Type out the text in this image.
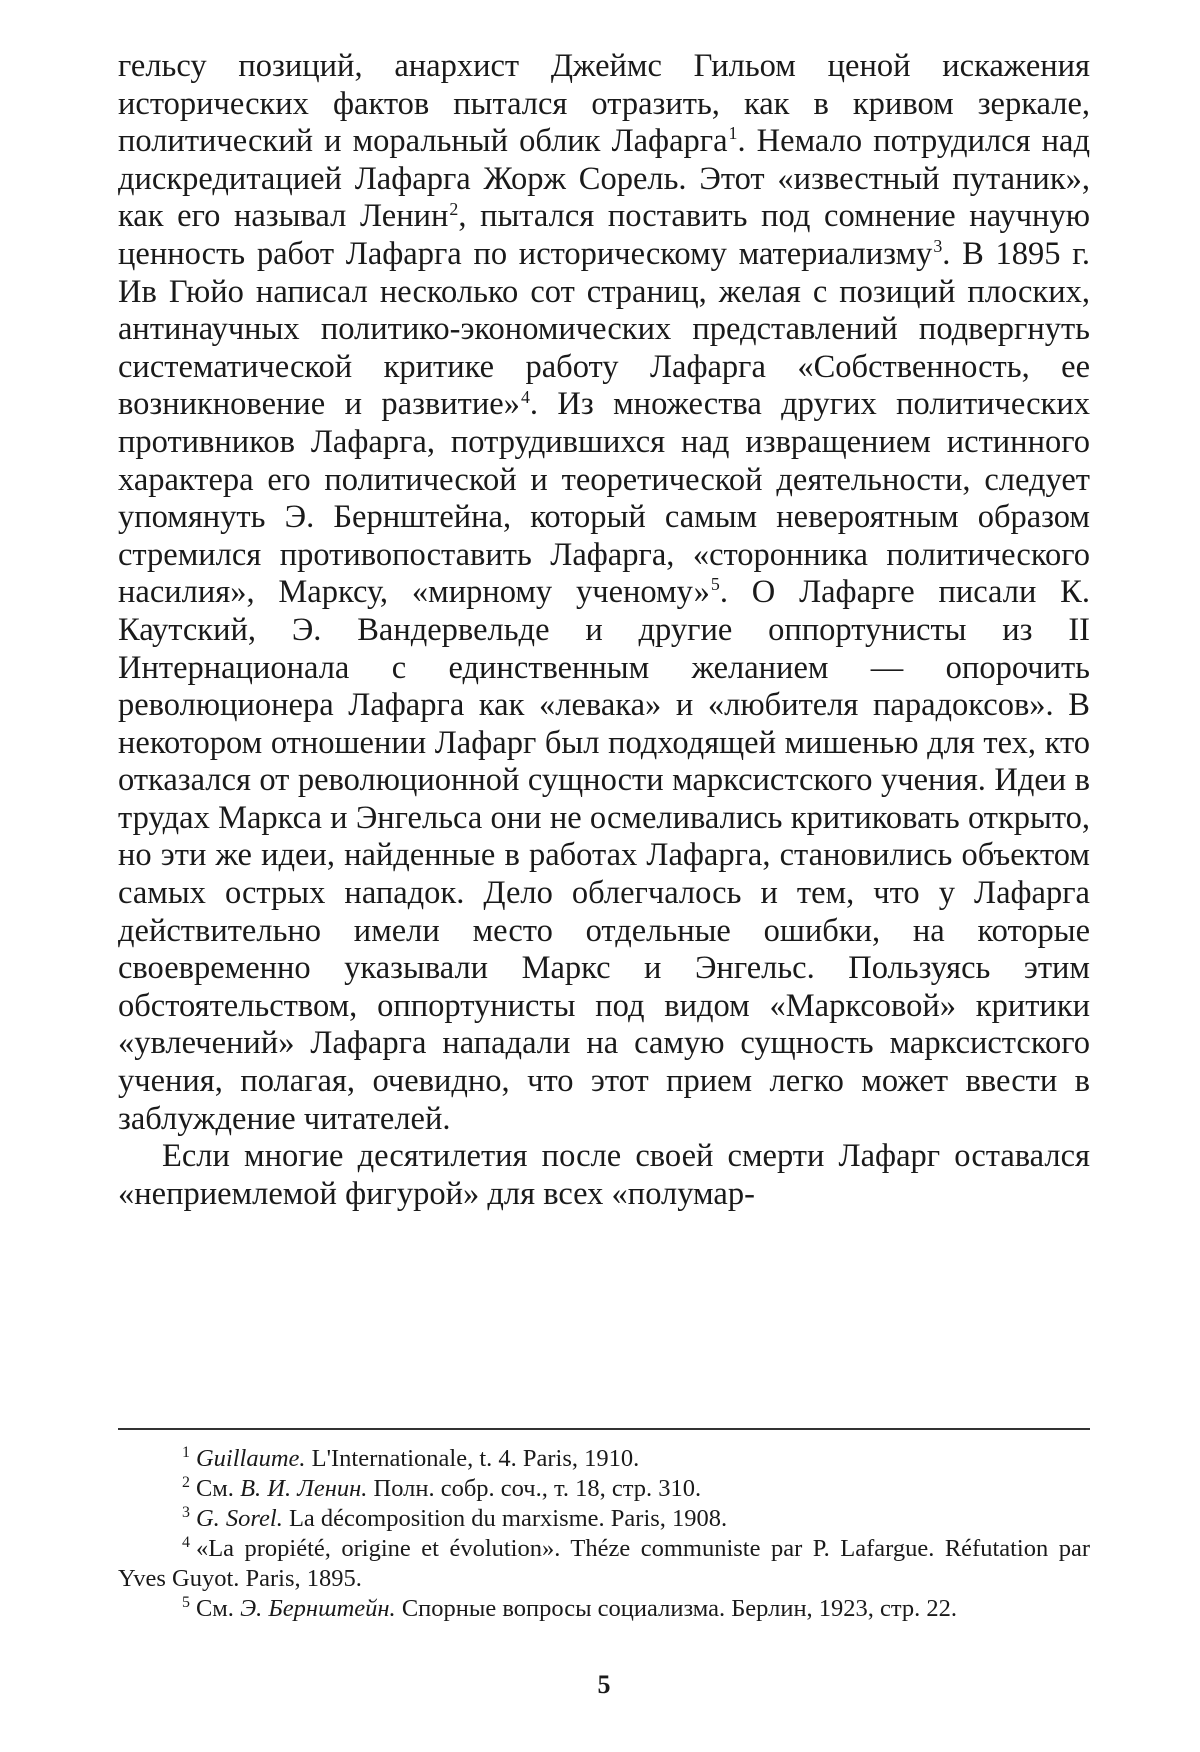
гельсу позиций, анархист Джеймс Гильом ценой искажения исторических фактов пытался отразить, как в кривом зеркале, политический и моральный облик Лафарга$^1$. Немало потрудился над дискредитацией Лафарга Жорж Сорель. Этот «известный путаник», как его называл Ленин$^2$, пытался поставить под сомнение научную ценность работ Лафарга по историческому материализму$^3$. В 1895 г. Ив Гюйо написал несколько сот страниц, желая с позиций плоских, антинаучных политико-экономических представлений подвергнуть систематической критике работу Лафарга «Собственность, ее возникновение и развитие»$^4$. Из множества других политических противников Лафарга, потрудившихся над извращением истинного характера его политической и теоретической деятельности, следует упомянуть Э. Бернштейна, который самым невероятным образом стремился противопоставить Лафарга, «сторонника политического насилия», Марксу, «мирному ученому»$^5$. О Лафарге писали К. Каутский, Э. Вандервельде и другие оппортунисты из II Интернационала с единственным желанием — опорочить революционера Лафарга как «левака» и «любителя парадоксов». В некотором отношении Лафарг был подходящей мишенью для тех, кто отказался от революционной сущности марксистского учения. Идеи в трудах Маркса и Энгельса они не осмеливались критиковать открыто, но эти же идеи, найденные в работах Лафарга, становились объектом самых острых нападок. Дело облегчалось и тем, что у Лафарга действительно имели место отдельные ошибки, на которые своевременно указывали Маркс и Энгельс. Пользуясь этим обстоятельством, оппортунисты под видом «Марксовой» критики «увлечений» Лафарга нападали на самую сущность марксистского учения, полагая, очевидно, что этот прием легко может ввести в заблуждение читателей.

Если многие десятилетия после своей смерти Лафарг оставался «неприемлемой фигурой» для всех «полумар-

$^1$ Guillaume. L'Internationale, t. 4. Paris, 1910.

$^2$ См. В. И. Ленин. Полн. собр. соч., т. 18, стр. 310.

$^3$ G. Sorel. La décomposition du marxisme. Paris, 1908.

$^4$ «La propiété, origine et évolution». Théze communiste par P. Lafargue. Réfutation par Yves Guyot. Paris, 1895.

$^5$ См. Э. Бернштейн. Спорные вопросы социализма. Берлин, 1923, стр. 22.

5
